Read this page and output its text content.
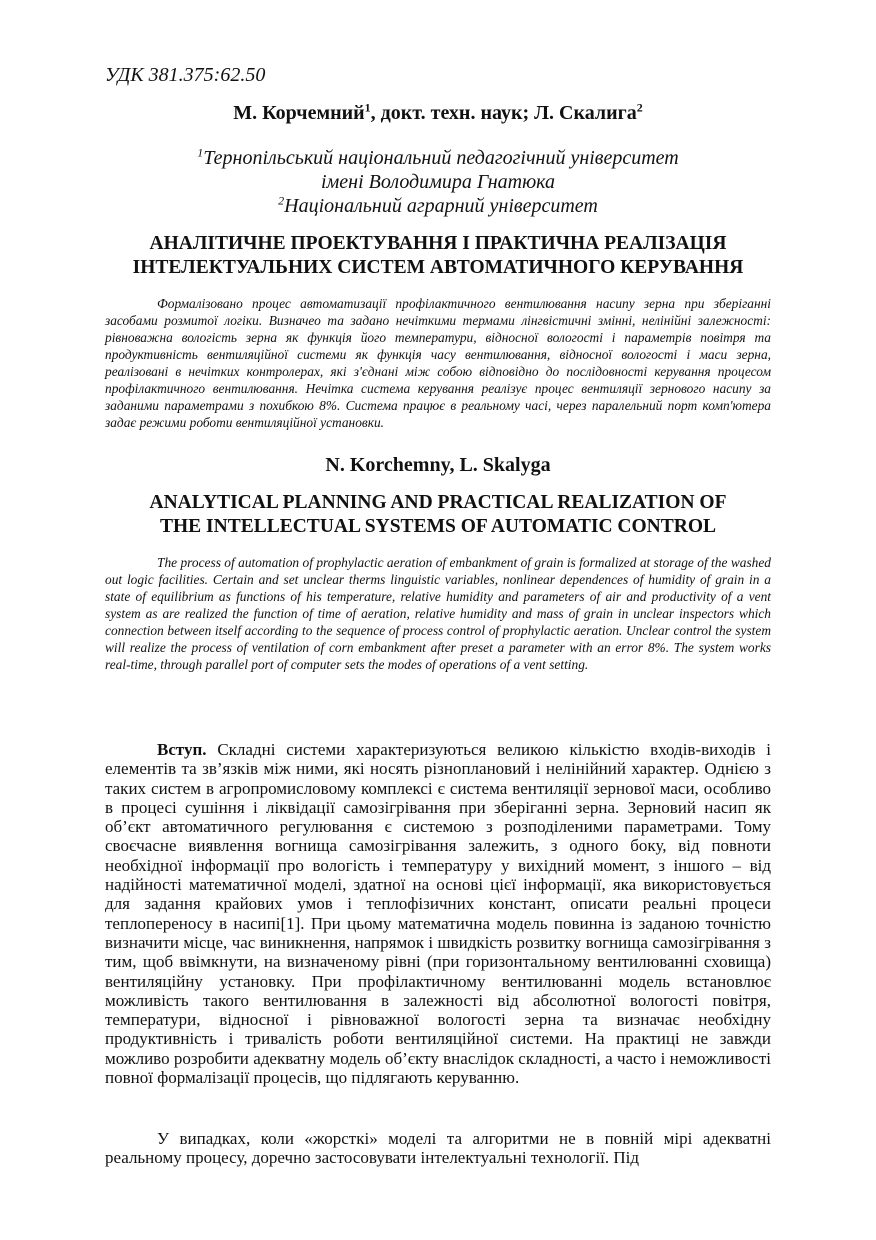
УДК 381.375:62.50
М. Корчемний$^1$, докт. техн. наук; Л. Скалига$^2$
$^1$Тернопільський національний педагогічний університет
імені Володимира Гнатюка
$^2$Національний аграрний університет
АНАЛІТИЧНЕ ПРОЕКТУВАННЯ І ПРАКТИЧНА РЕАЛІЗАЦІЯ
ІНТЕЛЕКТУАЛЬНИХ СИСТЕМ АВТОМАТИЧНОГО КЕРУВАННЯ

Формалізовано процес автоматизації профілактичного вентилювання насипу зерна при зберіганні засобами розмитої логіки. Визначео та задано нечіткими термами лінгвістичні змінні, нелінійні залежності: рівноважна вологість зерна як функція його температури, відносної вологості і параметрів повітря та продуктивність вентиляційної системи як функція часу вентилювання, відносної вологості і маси зерна, реалізовані в нечітких контролерах, які з'єднані між собою відповідно до послідовності керування процесом профілактичного вентилювання. Нечітка система керування реалізує процес вентиляції зернового насипу за заданими параметрами з похибкою 8%. Система працює в реальному часі, через паралельний порт комп'ютера задає режими роботи вентиляційної установки.

N. Korchemny, L. Skalyga
ANALYTICAL PLANNING AND PRACTICAL REALIZATION OF
THE INTELLECTUAL SYSTEMS OF AUTOMATIC CONTROL

The process of automation of prophylactic aeration of embankment of grain is formalized at storage of the washed out logic facilities. Certain and set unclear therms linguistic variables, nonlinear dependences of humidity of grain in a state of equilibrium as functions of his temperature, relative humidity and parameters of air and productivity of a vent system as are realized the function of time of aeration, relative humidity and mass of grain in unclear inspectors which connection between itself according to the sequence of process control of prophylactic aeration. Unclear control the system will realize the process of ventilation of corn embankment after preset a parameter with an error 8%. The system works real-time, through parallel port of computer sets the modes of operations of a vent setting.

Вступ. Складні системи характеризуються великою кількістю входів-виходів і елементів та зв’язків між ними, які носять різноплановий і нелінійний характер. Однією з таких систем в агропромисловому комплексі є система вентиляції зернової маси, особливо в процесі сушіння і ліквідації самозігрівання при зберіганні зерна. Зерновий насип як об’єкт автоматичного регулювання є системою з розподіленими параметрами. Тому своєчасне виявлення вогнища самозігрівання залежить, з одного боку, від повноти необхідної інформації про вологість і температуру у вихідний момент, з іншого – від надійності математичної моделі, здатної на основі цієї інформації, яка використовується для задання крайових умов і теплофізичних констант, описати реальні процеси теплопереносу в насипі[1]. При цьому математична модель повинна із заданою точністю визначити місце, час виникнення, напрямок і швидкість розвитку вогнища самозігрівання з тим, щоб ввімкнути, на визначеному рівні (при горизонтальному вентилюванні сховища) вентиляційну установку. При профілактичному вентилюванні модель встановлює можливість такого вентилювання в залежності від абсолютної вологості повітря, температури, відносної і рівноважної вологості зерна та визначає необхідну продуктивність і тривалість роботи вентиляційної системи. На практиці не завжди можливо розробити адекватну модель об’єкту внаслідок складності, а часто і неможливості повної формалізації процесів, що підлягають керуванню.

У випадках, коли «жорсткі» моделі та алгоритми не в повній мірі адекватні реальному процесу, доречно застосовувати інтелектуальні технології. Під
